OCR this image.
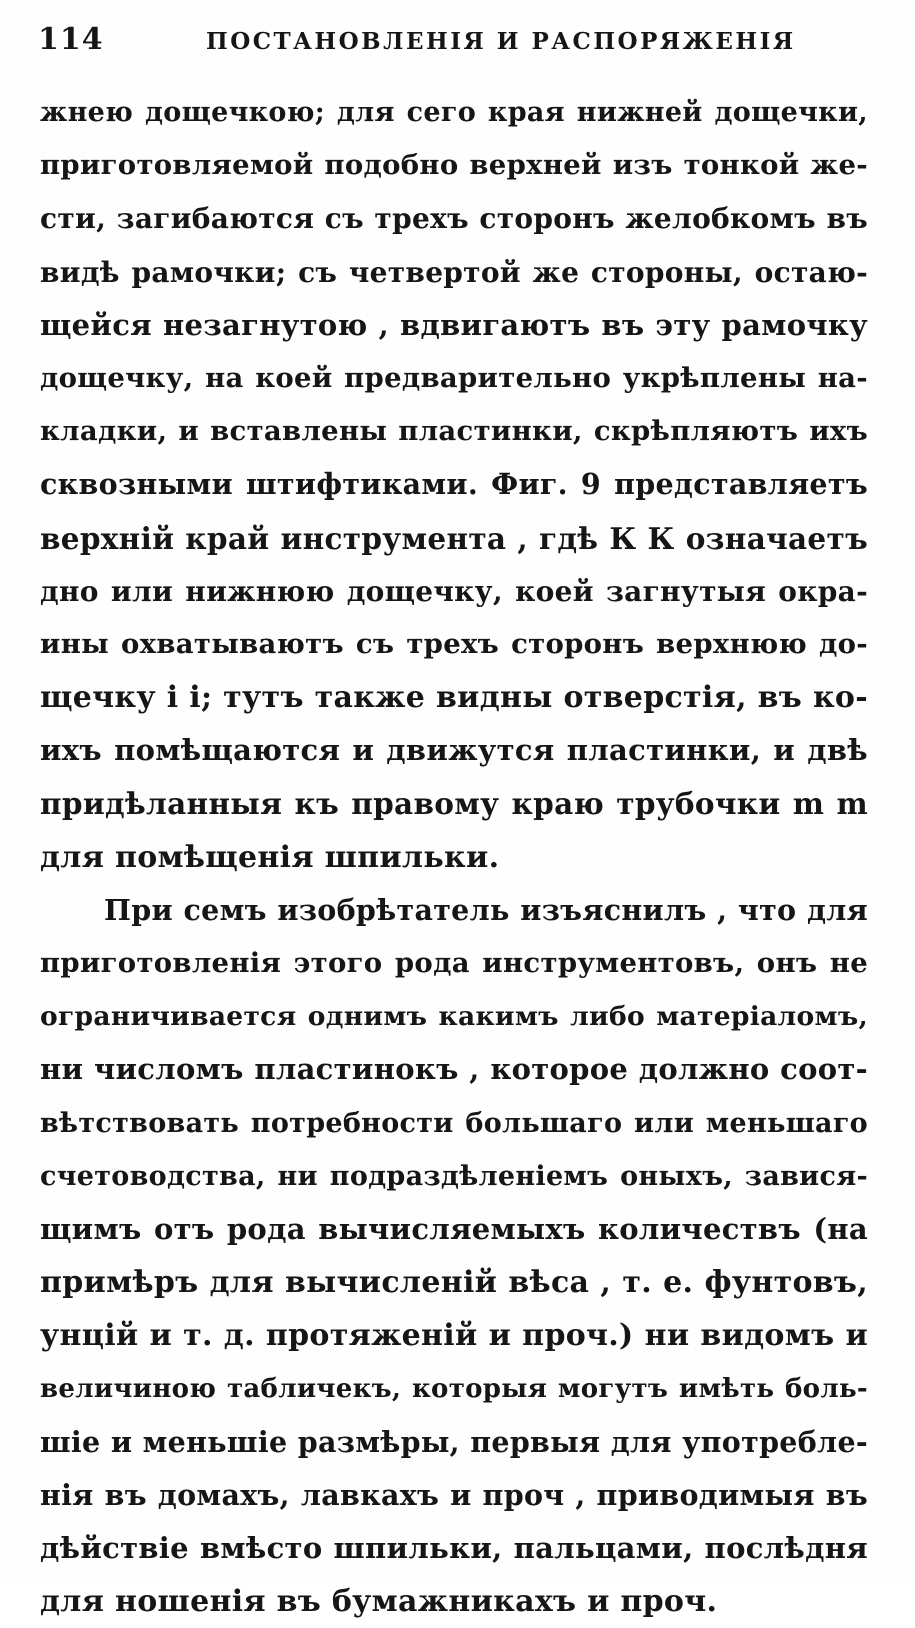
114	ПОСТАНОВЛЕНІЯ И РАСПОРЯЖЕНІЯ
жнею дощечкою; для сего края нижней дощечки,
приготовляемой подобно верхней изъ тонкой же-
сти, загибаются съ трехъ сторонъ желобкомъ въ
видѣ рамочки; съ четвертой же стороны, остаю-
щейся незагнутою , вдвигаютъ въ эту рамочку
дощечку, на коей предварительно укрѣплены на-
кладки, и вставлены пластинки, скрѣпляютъ ихъ
сквозными штифтиками. Фиг. 9 представляетъ
верхній край инструмента , гдѣ К К означаетъ
дно или нижнюю дощечку, коей загнутыя окра-
ины охватываютъ съ трехъ сторонъ верхнюю до-
щечку і і; тутъ также видны отверстія, въ ко-
ихъ помѣщаются и движутся пластинки, и двѣ
придѣланныя къ правому краю трубочки m m
для помѣщенія шпильки.
При семъ изобрѣтатель изъяснилъ , что для
приготовленія этого рода инструментовъ, онъ не
ограничивается однимъ какимъ либо матеріаломъ,
ни числомъ пластинокъ , которое должно соот-
вѣтствовать потребности большаго или меньшаго
счетоводства, ни подраздѣленіемъ оныхъ, завися-
щимъ отъ рода вычисляемыхъ количествъ (на
примѣръ для вычисленій вѣса , т. е. фунтовъ,
унцій и т. д. протяженій и проч.) ни видомъ и
величиною табличекъ, которыя могутъ имѣть боль-
шіе и меньшіе размѣры, первыя для употребле-
нія въ домахъ, лавкахъ и проч , приводимыя въ
дѣйствіе вмѣсто шпильки, пальцами, послѣдня
для ношенія въ бумажникахъ и проч.
